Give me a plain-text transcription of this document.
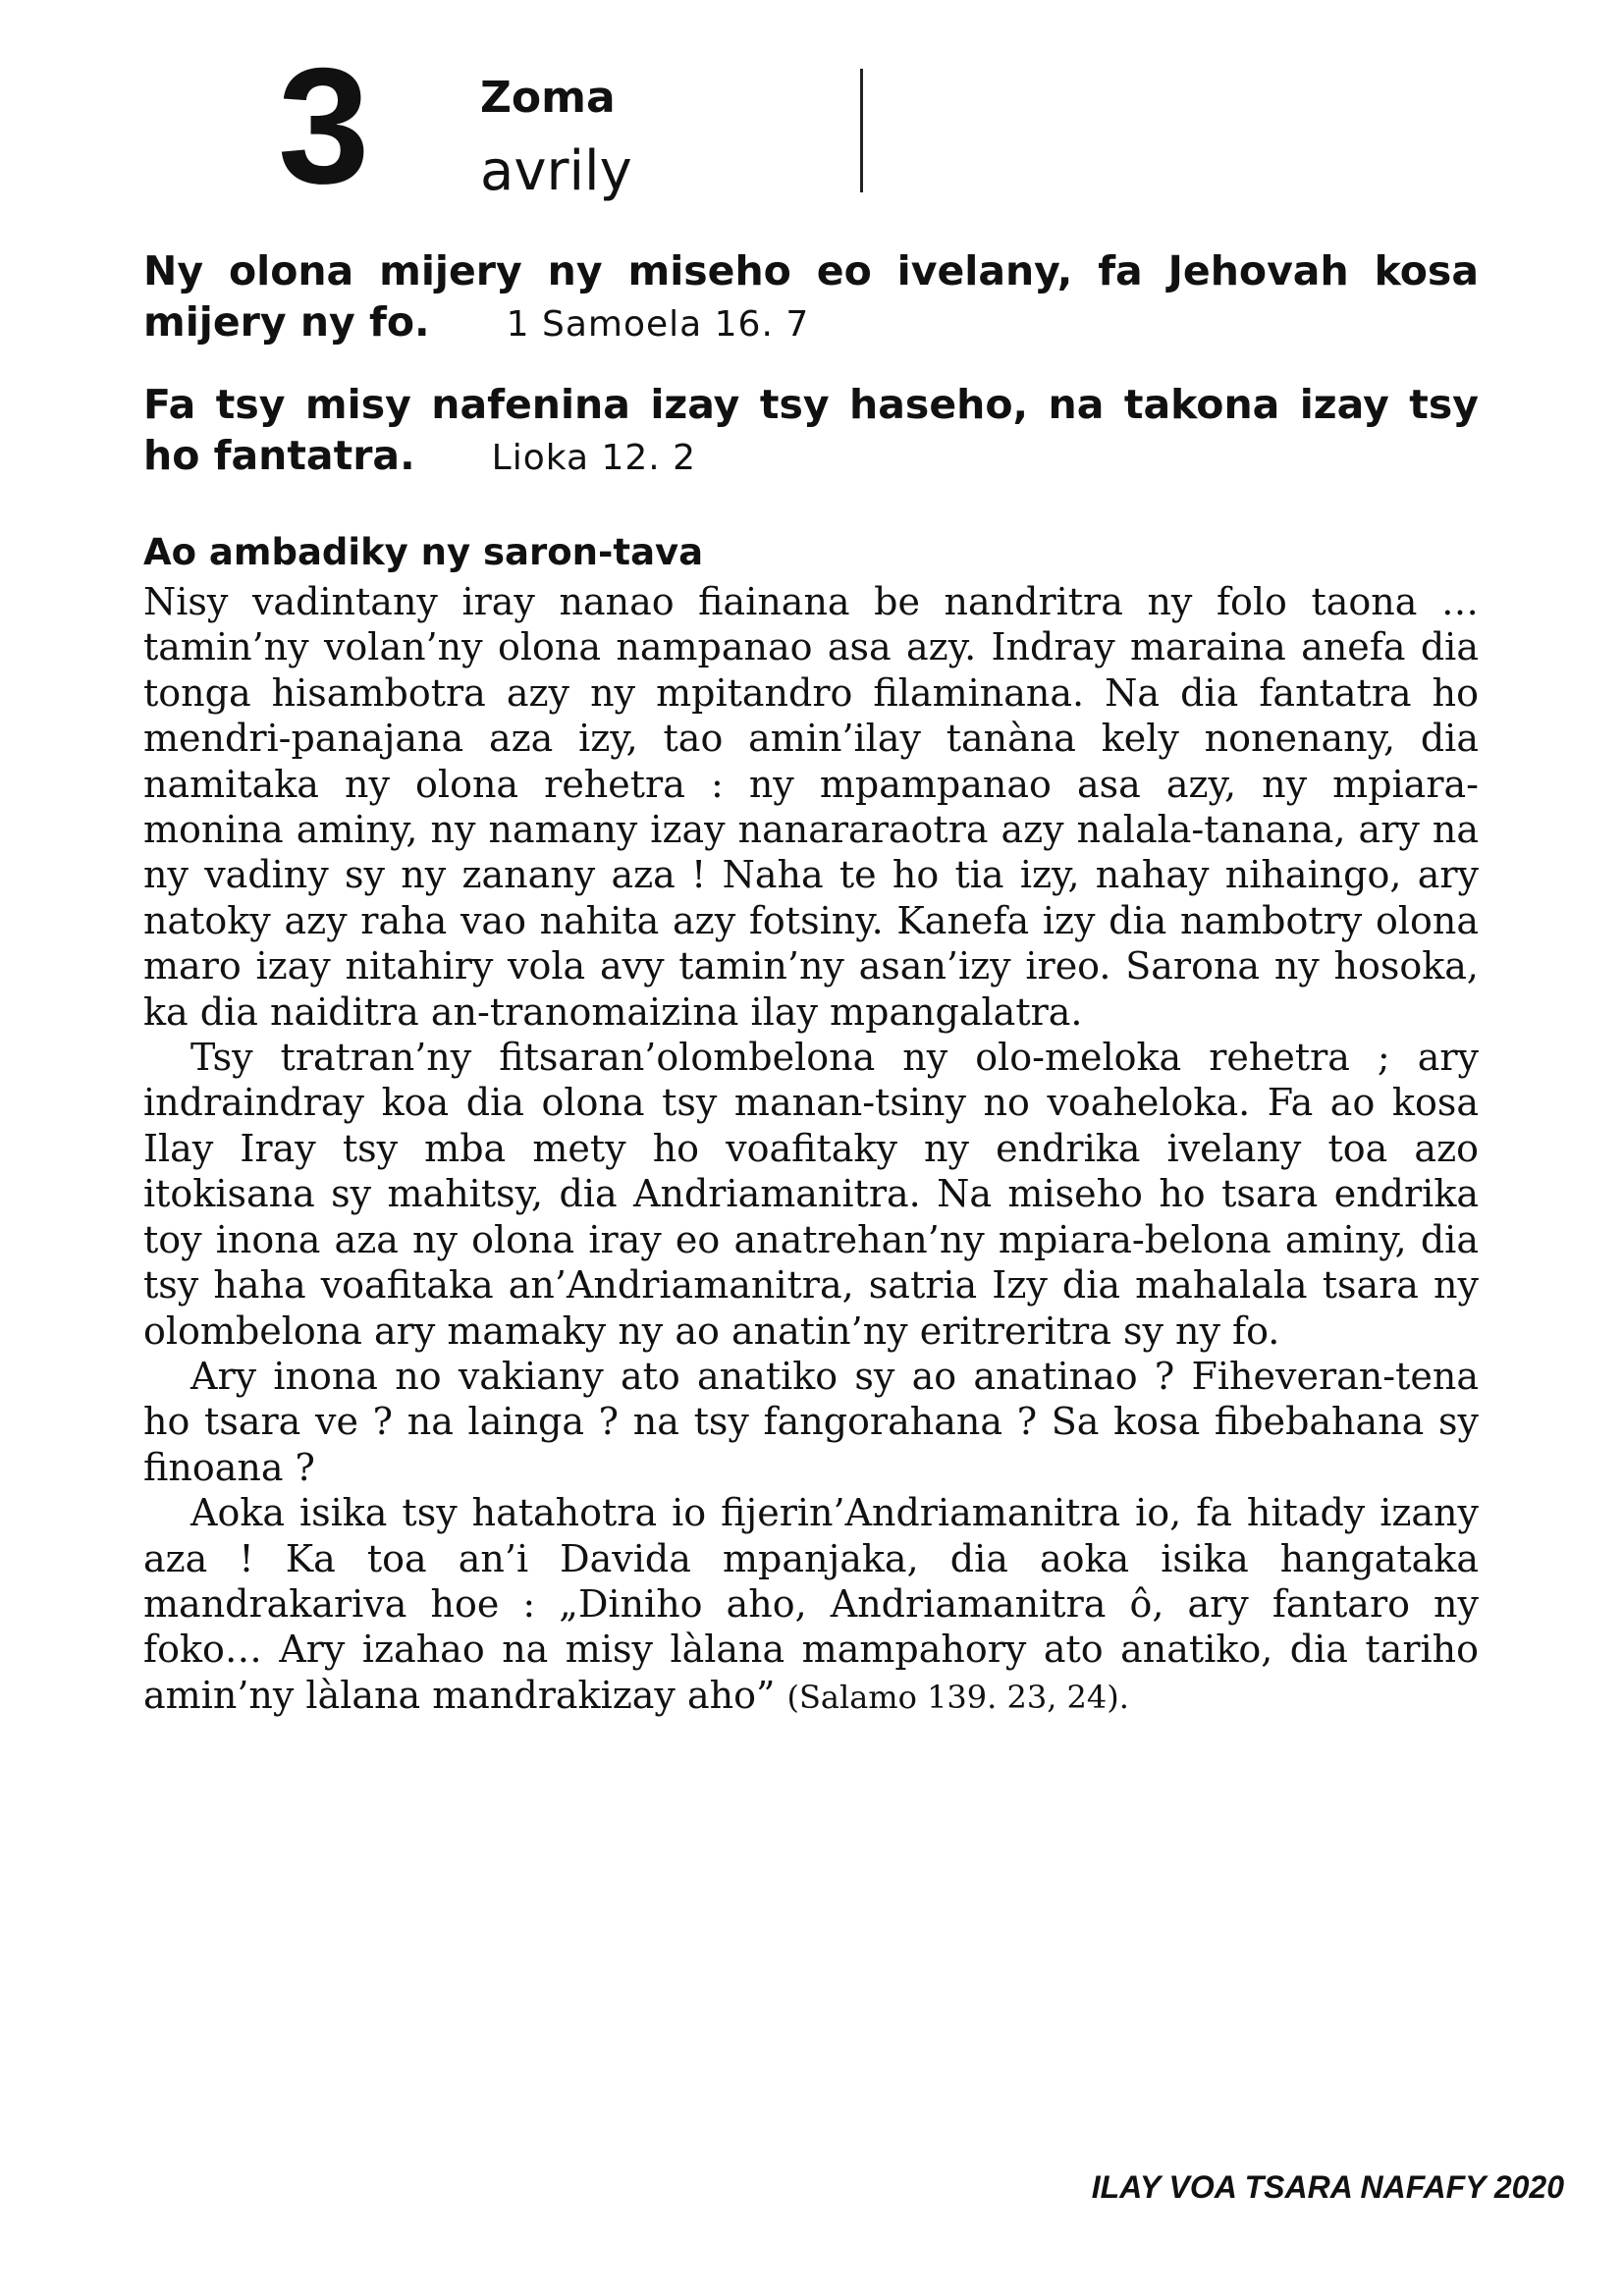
3	Zoma
avrily
Ny olona mijery ny miseho eo ivelany, fa Jehovah kosa mijery ny fo. 1 Samoela 16. 7
Fa tsy misy nafenina izay tsy haseho, na takona izay tsy ho fantatra. Lioka 12. 2
Ao ambadiky ny saron-tava

Nisy vadintany iray nanao fiainana be nandritra ny folo taona … tamin’ny volan’ny olona nampanao asa azy. Indray maraina anefa dia tonga hisambotra azy ny mpitandro filaminana. Na dia fantatra ho mendri-panajana aza izy, tao amin’ilay tanàna kely nonenany, dia namitaka ny olona rehetra : ny mpampanao asa azy, ny mpiara-monina aminy, ny namany izay nanararaotra azy nalala-tanana, ary na ny vadiny sy ny zanany aza ! Naha te ho tia izy, nahay nihaingo, ary natoky azy raha vao nahita azy fotsiny. Kanefa izy dia nambotry olona maro izay nitahiry vola avy tamin’ny asan’izy ireo. Sarona ny hosoka, ka dia naiditra an-tranomaizina ilay mpangalatra.

Tsy tratran’ny fitsaran’olombelona ny olo-meloka rehetra ; ary indraindray koa dia olona tsy manan-tsiny no voaheloka. Fa ao kosa Ilay Iray tsy mba mety ho voafitaky ny endrika ivelany toa azo itokisana sy mahitsy, dia Andriamanitra. Na miseho ho tsara endrika toy inona aza ny olona iray eo anatrehan’ny mpiara-belona aminy, dia tsy haha voafitaka an’Andriamanitra, satria Izy dia mahalala tsara ny olombelona ary mamaky ny ao anatin’ny eritreritra sy ny fo.

Ary inona no vakiany ato anatiko sy ao anatinao ? Fiheveran-tena ho tsara ve ? na lainga ? na tsy fangorahana ? Sa kosa fibebahana sy finoana ?

Aoka isika tsy hatahotra io fijerin’Andriamanitra io, fa hitady izany aza ! Ka toa an’i Davida mpanjaka, dia aoka isika hangataka mandrakariva hoe : „Diniho aho, Andriamanitra ô, ary fantaro ny foko… Ary izahao na misy làlana mampahory ato anatiko, dia tariho amin’ny làlana mandrakizay aho” (Salamo 139. 23, 24).

ILAY VOA TSARA NAFAFY 2020
